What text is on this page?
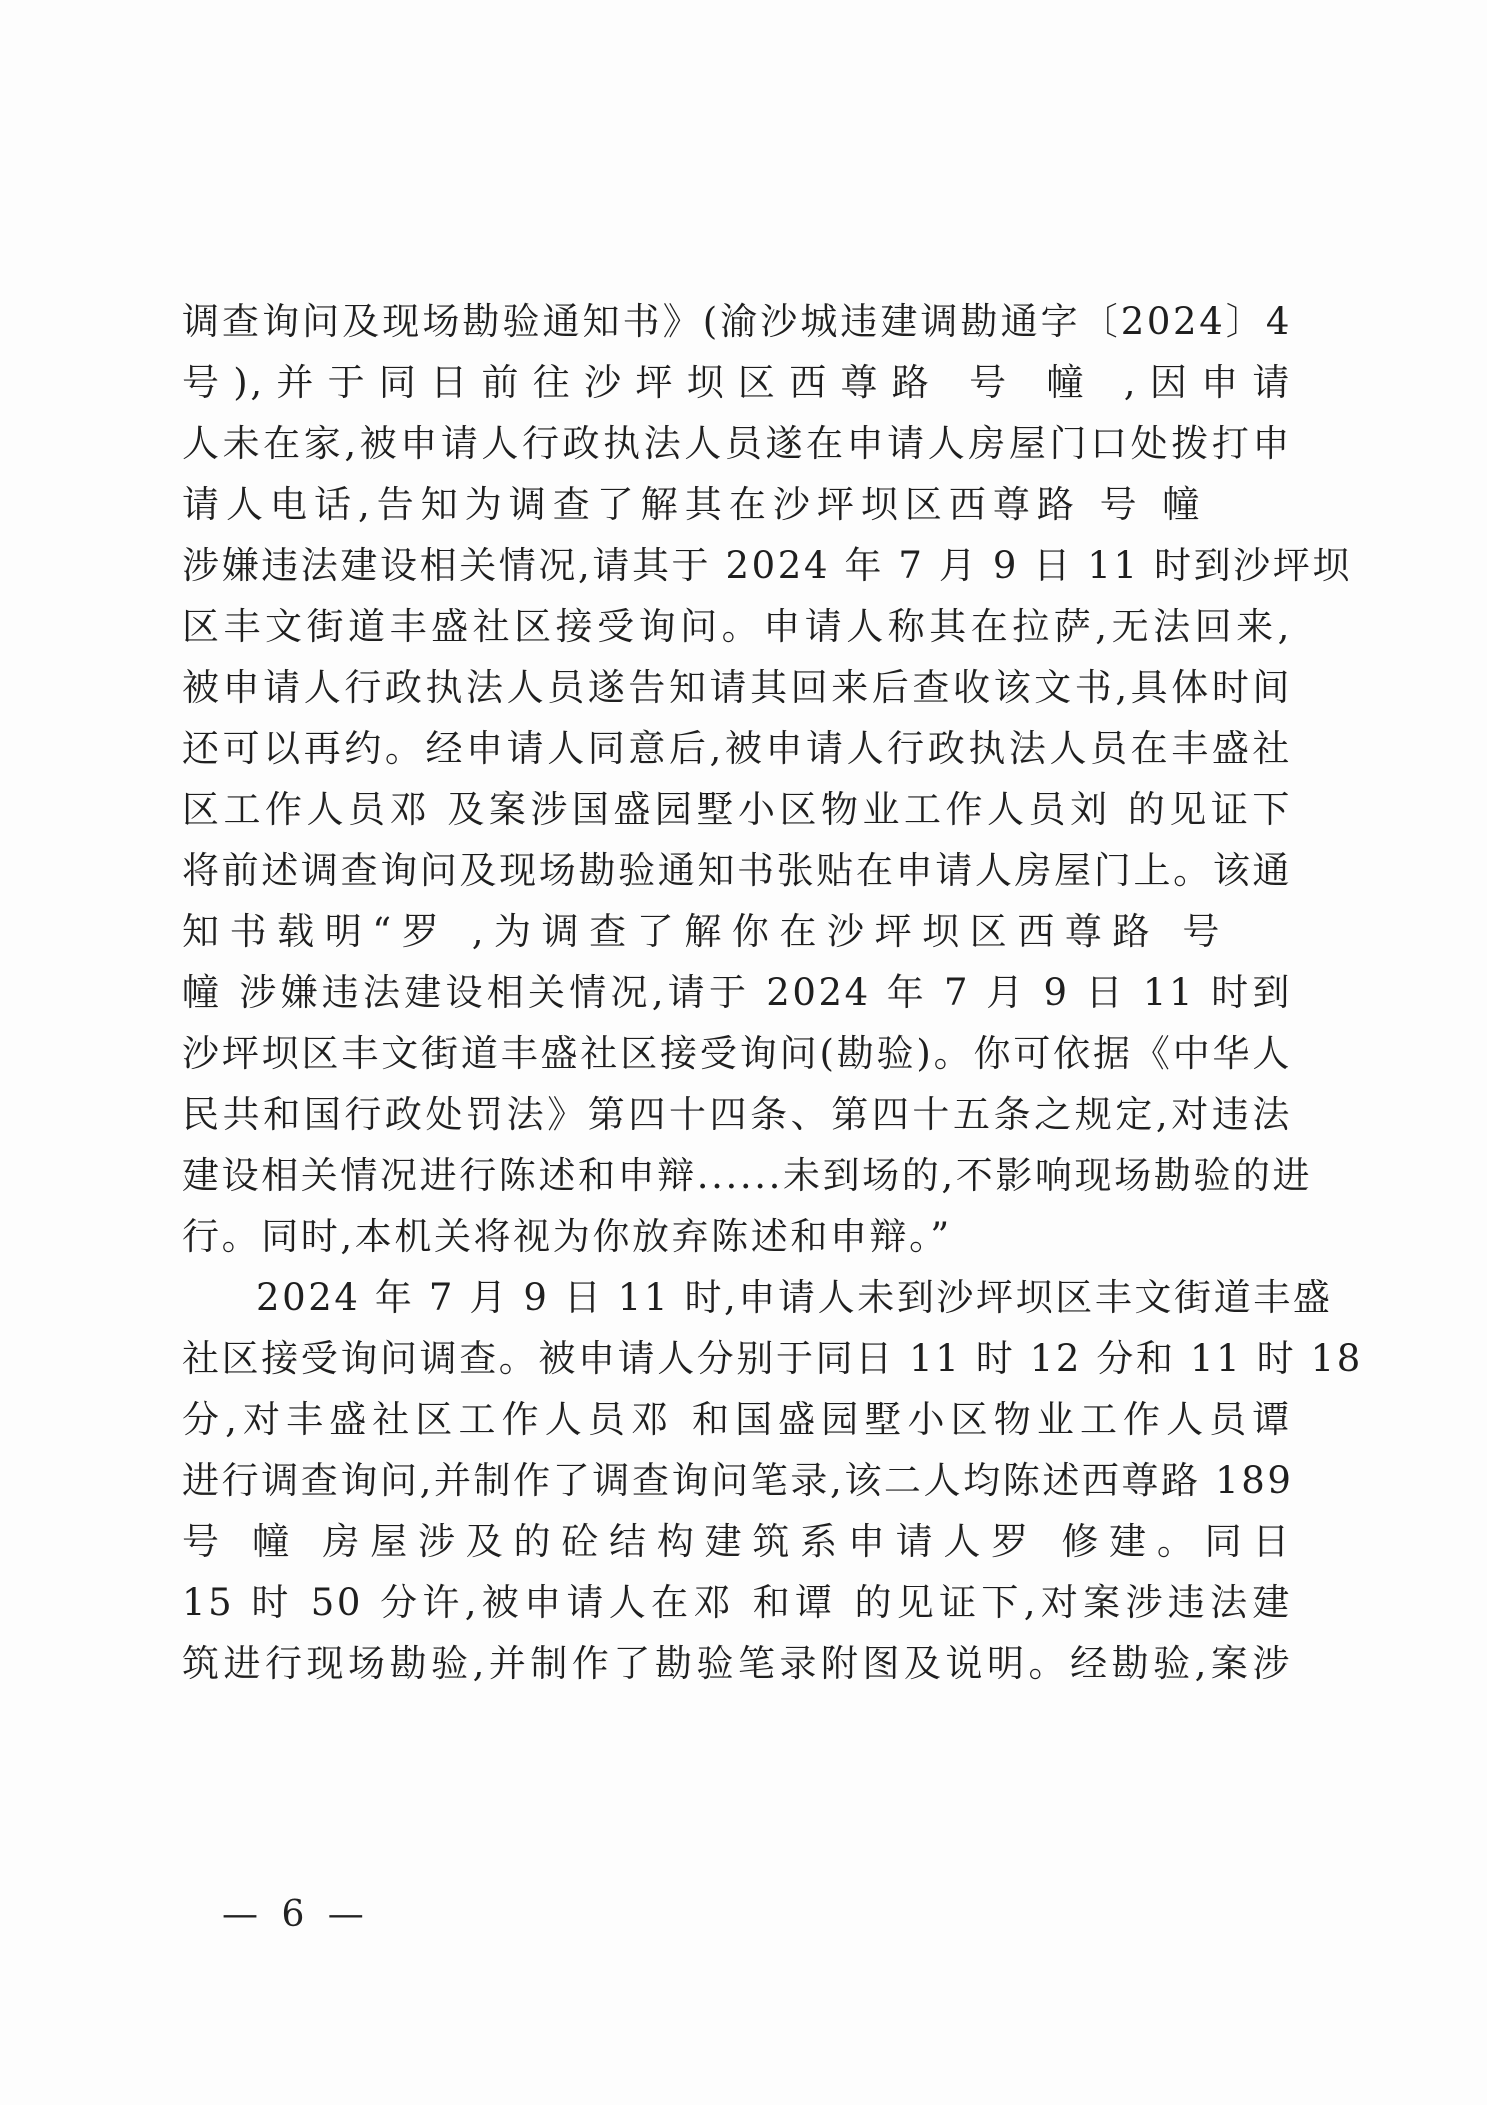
调查询问及现场勘验通知书》(渝沙城违建调勘通字〔2024〕4
号),并于同日前往沙坪坝区西尊路 号 幢 ,因申请
人未在家,被申请人行政执法人员遂在申请人房屋门口处拨打申
请人电话,告知为调查了解其在沙坪坝区西尊路 号 幢
涉嫌违法建设相关情况,请其于 2024 年 7 月 9 日 11 时到沙坪坝
区丰文街道丰盛社区接受询问。申请人称其在拉萨,无法回来,
被申请人行政执法人员遂告知请其回来后查收该文书,具体时间
还可以再约。经申请人同意后,被申请人行政执法人员在丰盛社
区工作人员邓 及案涉国盛园墅小区物业工作人员刘 的见证下
将前述调查询问及现场勘验通知书张贴在申请人房屋门上。该通
知书载明“罗 ,为调查了解你在沙坪坝区西尊路 号
幢 涉嫌违法建设相关情况,请于 2024 年 7 月 9 日 11 时到
沙坪坝区丰文街道丰盛社区接受询问(勘验)。你可依据《中华人
民共和国行政处罚法》第四十四条、第四十五条之规定,对违法
建设相关情况进行陈述和申辩......未到场的,不影响现场勘验的进
行。同时,本机关将视为你放弃陈述和申辩。”
2024 年 7 月 9 日 11 时,申请人未到沙坪坝区丰文街道丰盛
社区接受询问调查。被申请人分别于同日 11 时 12 分和 11 时 18
分,对丰盛社区工作人员邓 和国盛园墅小区物业工作人员谭
进行调查询问,并制作了调查询问笔录,该二人均陈述西尊路 189
号 幢 房屋涉及的砼结构建筑系申请人罗 修建。同日
15 时 50 分许,被申请人在邓 和谭 的见证下,对案涉违法建
筑进行现场勘验,并制作了勘验笔录附图及说明。经勘验,案涉
— 6 —
